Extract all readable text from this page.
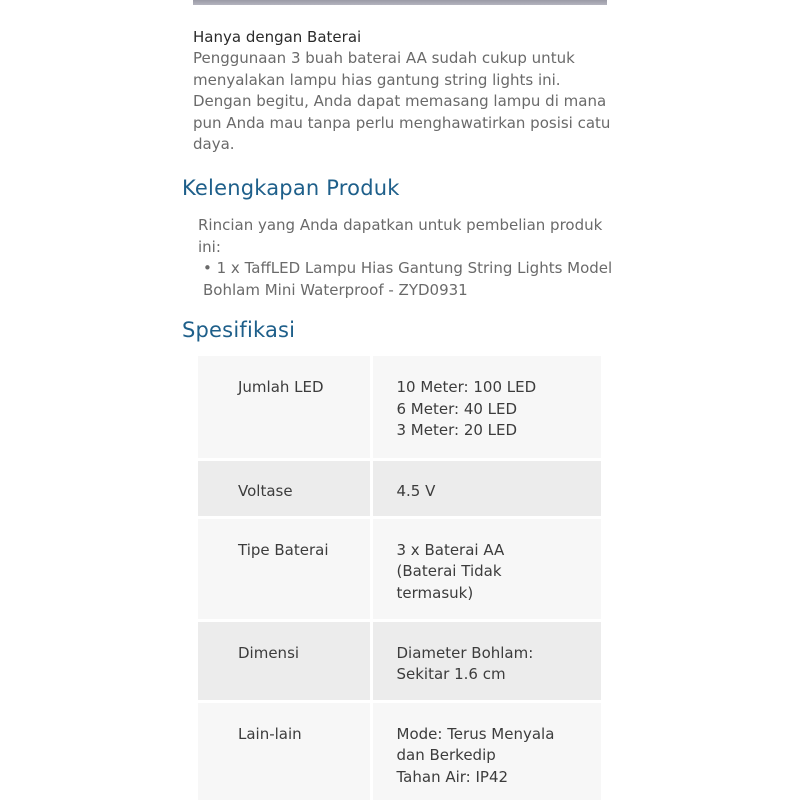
Hanya dengan Baterai

Penggunaan 3 buah baterai AA sudah cukup untuk menyalakan lampu hias gantung string lights ini. Dengan begitu, Anda dapat memasang lampu di mana pun Anda mau tanpa perlu menghawatirkan posisi catu daya.

Kelengkapan Produk

Rincian yang Anda dapatkan untuk pembelian produk ini:

• 1 x TaffLED Lampu Hias Gantung String Lights Model Bohlam Mini Waterproof - ZYD0931
Spesifikasi
Jumlah LED	10 Meter: 100 LED
6 Meter: 40 LED
3 Meter: 20 LED

Voltase	4.5 V

Tipe Baterai	3 x Baterai AA
(Baterai Tidak
termasuk)

Dimensi	Diameter Bohlam:
Sekitar 1.6 cm

Lain-lain	Mode: Terus Menyala
dan Berkedip
Tahan Air: IP42
